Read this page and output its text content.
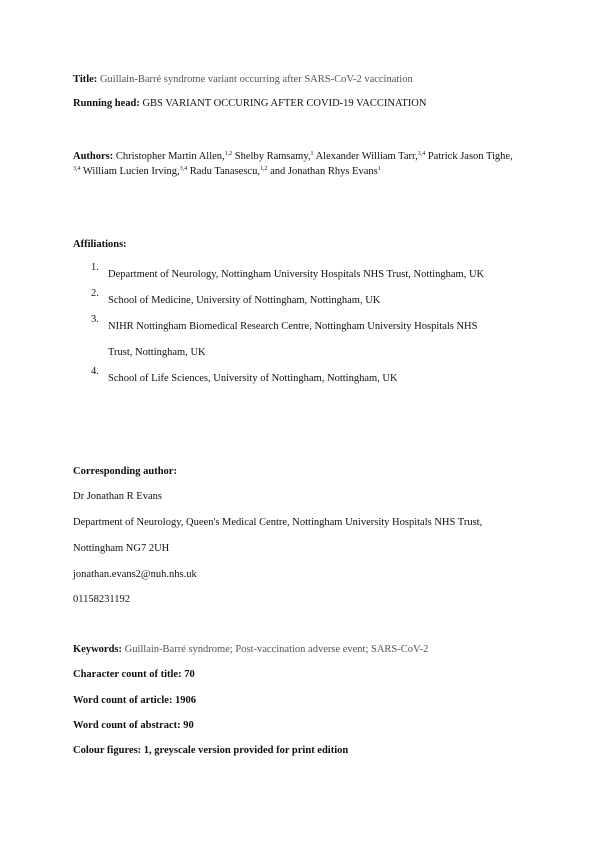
Title: Guillain-Barré syndrome variant occurring after SARS-CoV-2 vaccination
Running head: GBS VARIANT OCCURING AFTER COVID-19 VACCINATION
Authors: Christopher Martin Allen,$^{1,2}$ Shelby Ramsamy,$^1$ Alexander William Tarr,$^{3,4}$ Patrick Jason Tighe,
$^{3,4}$ William Lucien Irving,$^{3,4}$ Radu Tanasescu,$^{1,2}$ and Jonathan Rhys Evans$^1$
Affiliations:
1.
Department of Neurology, Nottingham University Hospitals NHS Trust, Nottingham, UK
2.
School of Medicine, University of Nottingham, Nottingham, UK
3.
NIHR Nottingham Biomedical Research Centre, Nottingham University Hospitals NHS
Trust, Nottingham, UK
4.
School of Life Sciences, University of Nottingham, Nottingham, UK
Corresponding author:
Dr Jonathan R Evans
Department of Neurology, Queen's Medical Centre, Nottingham University Hospitals NHS Trust,
Nottingham NG7 2UH
jonathan.evans2@nuh.nhs.uk
01158231192
Keywords: Guillain-Barré syndrome; Post-vaccination adverse event; SARS-CoV-2
Character count of title: 70
Word count of article: 1906
Word count of abstract: 90
Colour figures: 1, greyscale version provided for print edition
